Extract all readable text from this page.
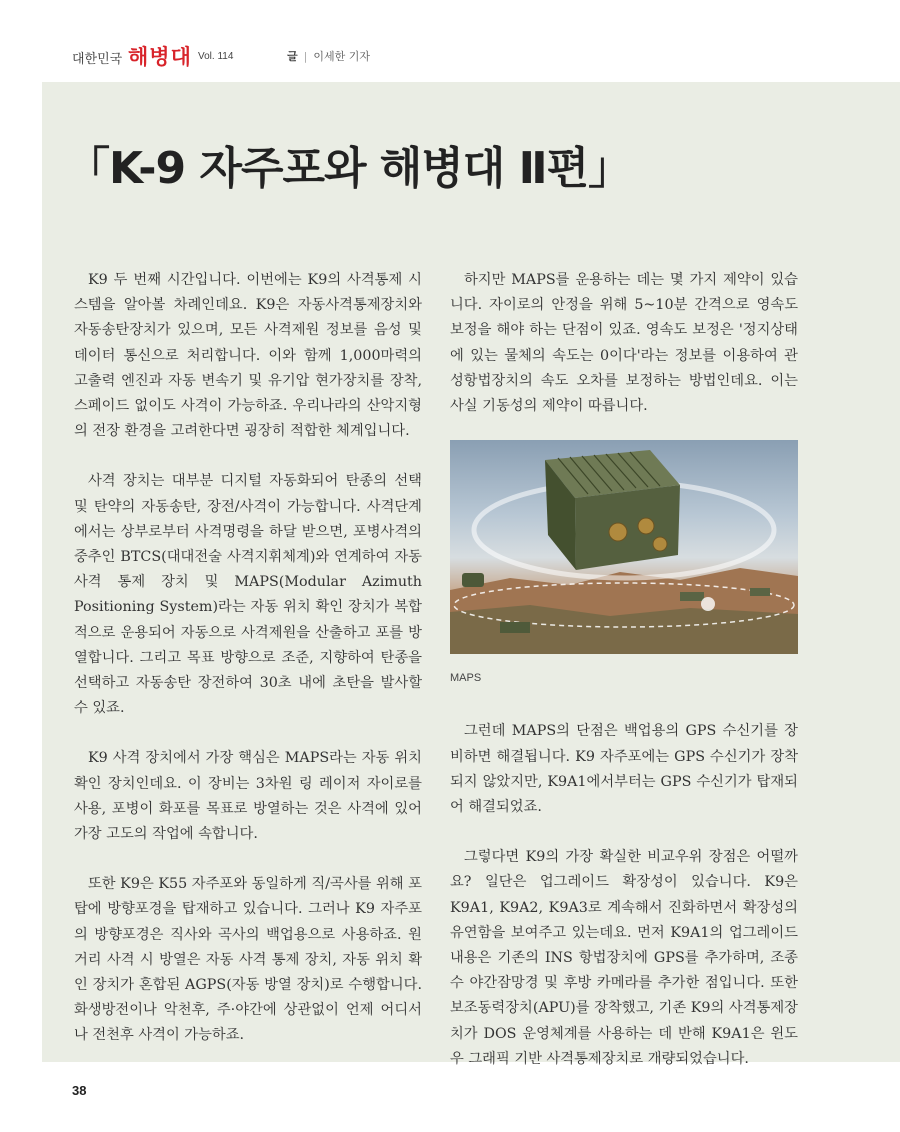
대한민국 해병대 Vol. 114	글 | 이세한 기자
「K-9 자주포와 해병대 Ⅱ편」

K9 두 번째 시간입니다. 이번에는 K9의 사격통제 시스템을 알아볼 차례인데요. K9은 자동사격통제장치와 자동송탄장치가 있으며, 모든 사격제원 정보를 음성 및 데이터 통신으로 처리합니다. 이와 함께 1,000마력의 고출력 엔진과 자동 변속기 및 유기압 현가장치를 장착, 스페이드 없이도 사격이 가능하죠. 우리나라의 산악지형의 전장 환경을 고려한다면 굉장히 적합한 체계입니다.

사격 장치는 대부분 디지털 자동화되어 탄종의 선택 및 탄약의 자동송탄, 장전/사격이 가능합니다. 사격단계에서는 상부로부터 사격명령을 하달 받으면, 포병사격의 중추인 BTCS(대대전술 사격지휘체계)와 연계하여 자동 사격 통제 장치 및 MAPS(Modular Azimuth Positioning System)라는 자동 위치 확인 장치가 복합적으로 운용되어 자동으로 사격제원을 산출하고 포를 방열합니다. 그리고 목표 방향으로 조준, 지향하여 탄종을 선택하고 자동송탄 장전하여 30초 내에 초탄을 발사할 수 있죠.

K9 사격 장치에서 가장 핵심은 MAPS라는 자동 위치 확인 장치인데요. 이 장비는 3차원 링 레이저 자이로를 사용, 포병이 화포를 목표로 방열하는 것은 사격에 있어 가장 고도의 작업에 속합니다.

또한 K9은 K55 자주포와 동일하게 직/곡사를 위해 포탑에 방향포경을 탑재하고 있습니다. 그러나 K9 자주포의 방향포경은 직사와 곡사의 백업용으로 사용하죠. 원거리 사격 시 방열은 자동 사격 통제 장치, 자동 위치 확인 장치가 혼합된 AGPS(자동 방열 장치)로 수행합니다. 화생방전이나 악천후, 주·야간에 상관없이 언제 어디서나 전천후 사격이 가능하죠.

하지만 MAPS를 운용하는 데는 몇 가지 제약이 있습니다. 자이로의 안정을 위해 5~10분 간격으로 영속도 보정을 해야 하는 단점이 있죠. 영속도 보정은 '정지상태에 있는 물체의 속도는 0이다'라는 정보를 이용하여 관성항법장치의 속도 오차를 보정하는 방법인데요. 이는 사실 기동성의 제약이 따릅니다.

MAPS

그런데 MAPS의 단점은 백업용의 GPS 수신기를 장비하면 해결됩니다. K9 자주포에는 GPS 수신기가 장착되지 않았지만, K9A1에서부터는 GPS 수신기가 탑재되어 해결되었죠.

그렇다면 K9의 가장 확실한 비교우위 장점은 어떨까요? 일단은 업그레이드 확장성이 있습니다. K9은 K9A1, K9A2, K9A3로 계속해서 진화하면서 확장성의 유연함을 보여주고 있는데요. 먼저 K9A1의 업그레이드 내용은 기존의 INS 항법장치에 GPS를 추가하며, 조종수 야간잠망경 및 후방 카메라를 추가한 점입니다. 또한 보조동력장치(APU)를 장착했고, 기존 K9의 사격통제장치가 DOS 운영체계를 사용하는 데 반해 K9A1은 윈도우 그래픽 기반 사격통제장치로 개량되었습니다.

38
